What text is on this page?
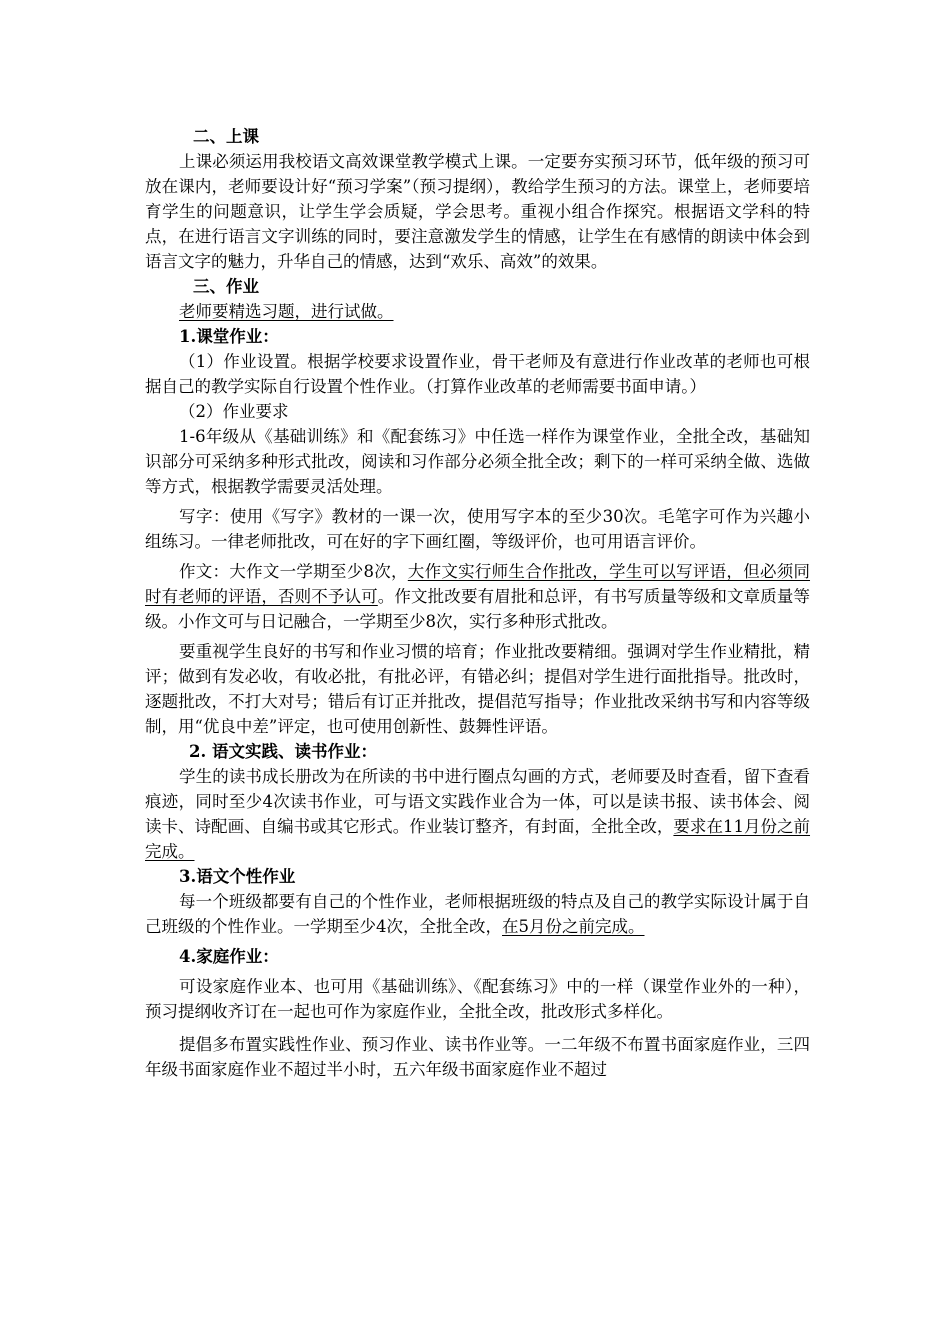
二、上课

上课必须运用我校语文高效课堂教学模式上课。一定要夯实预习环节，低年级的预习可放在课内，老师要设计好“预习学案”（预习提纲），教给学生预习的方法。课堂上，老师要培育学生的问题意识，让学生学会质疑，学会思考。重视小组合作探究。根据语文学科的特点，在进行语言文字训练的同时，要注意激发学生的情感，让学生在有感情的朗读中体会到语言文字的魅力，升华自己的情感，达到“欢乐、高效”的效果。

三、作业

老师要精选习题，进行试做。

1.课堂作业：

（1）作业设置。根据学校要求设置作业，骨干老师及有意进行作业改革的老师也可根据自己的教学实际自行设置个性作业。（打算作业改革的老师需要书面申请。）

（2）作业要求

1-6年级从《基础训练》和《配套练习》中任选一样作为课堂作业，全批全改，基础知识部分可采纳多种形式批改，阅读和习作部分必须全批全改；剩下的一样可采纳全做、选做等方式，根据教学需要灵活处理。

写字：使用《写字》教材的一课一次，使用写字本的至少30次。毛笔字可作为兴趣小组练习。一律老师批改，可在好的字下画红圈，等级评价，也可用语言评价。

作文：大作文一学期至少8次，大作文实行师生合作批改，学生可以写评语，但必须同时有老师的评语，否则不予认可。作文批改要有眉批和总评，有书写质量等级和文章质量等级。小作文可与日记融合，一学期至少8次，实行多种形式批改。

要重视学生良好的书写和作业习惯的培育；作业批改要精细。强调对学生作业精批，精评；做到有发必收，有收必批，有批必评，有错必纠；提倡对学生进行面批指导。批改时，逐题批改，不打大对号；错后有订正并批改，提倡范写指导；作业批改采纳书写和内容等级制，用“优良中差”评定，也可使用创新性、鼓舞性评语。

2. 语文实践、读书作业：

学生的读书成长册改为在所读的书中进行圈点勾画的方式，老师要及时查看，留下查看痕迹，同时至少4次读书作业，可与语文实践作业合为一体，可以是读书报、读书体会、阅读卡、诗配画、自编书或其它形式。作业装订整齐，有封面，全批全改，要求在11月份之前完成。

3.语文个性作业

每一个班级都要有自己的个性作业，老师根据班级的特点及自己的教学实际设计属于自己班级的个性作业。一学期至少4次，全批全改，在5月份之前完成。

4.家庭作业：

可设家庭作业本、也可用《基础训练》、《配套练习》中的一样（课堂作业外的一种），预习提纲收齐订在一起也可作为家庭作业，全批全改，批改形式多样化。

提倡多布置实践性作业、预习作业、读书作业等。一二年级不布置书面家庭作业，三四年级书面家庭作业不超过半小时，五六年级书面家庭作业不超过
